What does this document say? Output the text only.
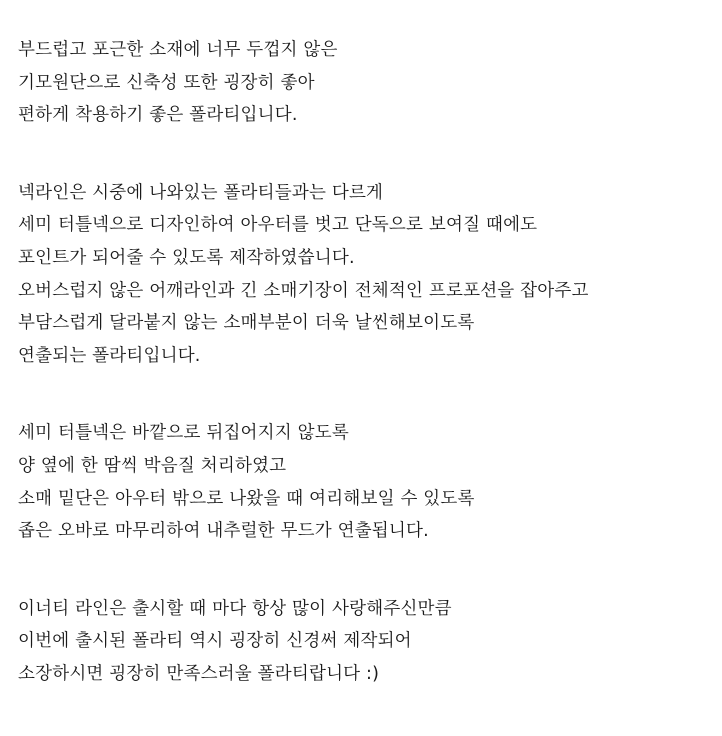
부드럽고 포근한 소재에 너무 두껍지 않은
기모원단으로 신축성 또한 굉장히 좋아
편하게 착용하기 좋은 폴라티입니다.
넥라인은 시중에 나와있는 폴라티들과는 다르게
세미 터틀넥으로 디자인하여 아우터를 벗고 단독으로 보여질 때에도
포인트가 되어줄 수 있도록 제작하였씁니다.
오버스럽지 않은 어깨라인과 긴 소매기장이 전체적인 프로포션을 잡아주고
부담스럽게 달라붙지 않는 소매부분이 더욱 날씬해보이도록
연출되는 폴라티입니다.
세미 터틀넥은 바깥으로 뒤집어지지 않도록
양 옆에 한 땀씩 박음질 처리하였고
소매 밑단은 아우터 밖으로 나왔을 때 여리해보일 수 있도록
좁은 오바로 마무리하여 내추럴한 무드가 연출됩니다.
이너티 라인은 출시할 때 마다 항상 많이 사랑해주신만큼
이번에 출시된 폴라티 역시 굉장히 신경써 제작되어
소장하시면 굉장히 만족스러울 폴라티랍니다 :)
